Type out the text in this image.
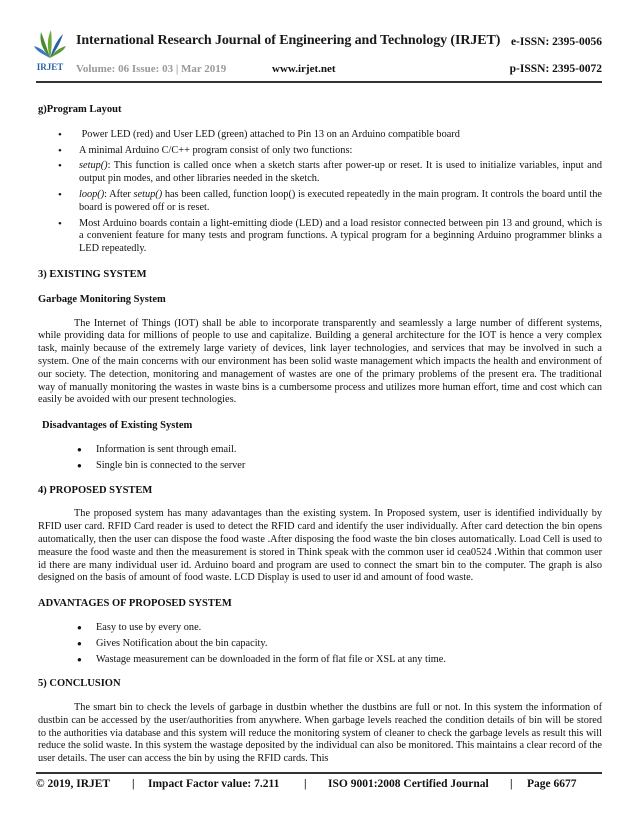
IRJET
International Research Journal of Engineering and Technology (IRJET) e-ISSN: 2395-0056
Volume: 06 Issue: 03 | Mar 2019	www.irjet.net	p-ISSN: 2395-0072
g)Program Layout
• Power LED (red) and User LED (green) attached to Pin 13 on an Arduino compatible board
• A minimal Arduino C/C++ program consist of only two functions:
• setup(): This function is called once when a sketch starts after power-up or reset. It is used to initialize variables, input and output pin modes, and other libraries needed in the sketch.
• loop(): After setup() has been called, function loop() is executed repeatedly in the main program. It controls the board until the board is powered off or is reset.
• Most Arduino boards contain a light-emitting diode (LED) and a load resistor connected between pin 13 and ground, which is a convenient feature for many tests and program functions. A typical program for a beginning Arduino programmer blinks a LED repeatedly.
3) EXISTING SYSTEM
Garbage Monitoring System

The Internet of Things (IOT) shall be able to incorporate transparently and seamlessly a large number of different systems, while providing data for millions of people to use and capitalize. Building a general architecture for the IOT is hence a very complex task, mainly because of the extremely large variety of devices, link layer technologies, and services that may be involved in such a system. One of the main concerns with our environment has been solid waste management which impacts the health and environment of our society. The detection, monitoring and management of wastes are one of the primary problems of the present era. The traditional way of manually monitoring the wastes in waste bins is a cumbersome process and utilizes more human effort, time and cost which can easily be avoided with our present technologies.

Disadvantages of Existing System
● Information is sent through email.
● Single bin is connected to the server
4) PROPOSED SYSTEM

The proposed system has many adavantages than the existing system. In Proposed system, user is identified individually by RFID user card. RFID Card reader is used to detect the RFID card and identify the user individually. After card detection the bin opens automatically, then the user can dispose the food waste .After disposing the food waste the bin closes automatically. Load Cell is used to measure the food waste and then the measurement is stored in Think speak with the common user id cea0524 .Within that common user id there are many individual user id. Arduino board and program are used to connect the smart bin to the computer. The graph is also designed on the basis of amount of food waste. LCD Display is used to user id and amount of food waste.

ADVANTAGES OF PROPOSED SYSTEM
● Easy to use by every one.
● Gives Notification about the bin capacity.
● Wastage measurement can be downloaded in the form of flat file or XSL at any time.
5) CONCLUSION

The smart bin to check the levels of garbage in dustbin whether the dustbins are full or not. In this system the information of dustbin can be accessed by the user/authorities from anywhere. When garbage levels reached the condition details of bin will be stored to the authorities via database and this system will reduce the monitoring system of cleaner to check the garbage levels as result this will reduce the solid waste. In this system the wastage deposited by the individual can also be monitored. This maintains a clear record of the user details. The user can access the bin by using the RFID cards. This

© 2019, IRJET | Impact Factor value: 7.211 | ISO 9001:2008 Certified Journal | Page 6677
